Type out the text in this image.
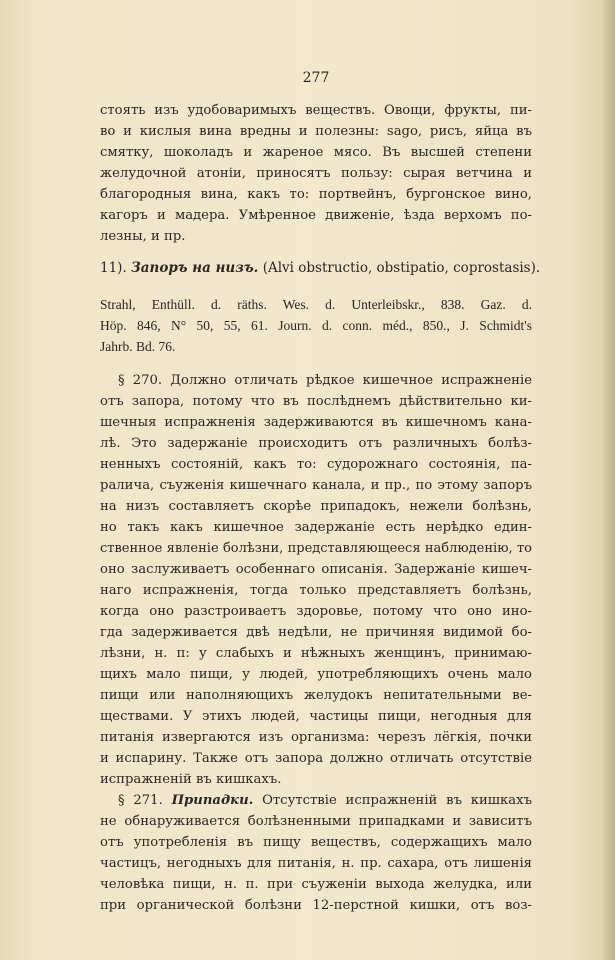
277
стоять изъ удобоваримыхъ веществъ. Овощи, фрукты, пи-
во и кислыя вина вредны и полезны: sago, рисъ, яйца въ
смятку, шоколадъ и жареное мясо. Въ высшей степени
желудочной атоніи, приносятъ пользу: сырая ветчина и
благородныя вина, какъ то: портвейнъ, бургонское вино,
кагоръ и мадера. Умѣренное движеніе, ѣзда верхомъ по-
лезны, и пр.
11). Запоръ на низъ. (Alvi obstructio, obstipatio, coprostasis).
Strahl, Enthüll. d. räths. Wes. d. Unterleibskr., 838. Gaz. d.
Höp. 846, N° 50, 55, 61. Journ. d. conn. méd., 850., J. Schmidt's
Jahrb. Bd. 76.
§ 270. Должно отличать рѣдкое кишечное испражненіе
отъ запора, потому что въ послѣднемъ дѣйствительно ки-
шечныя испражненія задерживаются въ кишечномъ кана-
лѣ. Это задержаніе происходитъ отъ различныхъ болѣз-
ненныхъ состояній, какъ то: судорожнаго состоянія, па-
ралича, съуженія кишечнаго канала, и пр., по этому запоръ
на низъ составляетъ скорѣе припадокъ, нежели болѣзнь,
но такъ какъ кишечное задержаніе есть нерѣдко един-
ственное явленіе болѣзни, представляющееся наблюденію, то
оно заслуживаетъ особеннаго описанія. Задержаніе кишеч-
наго испражненія, тогда только представляетъ болѣзнь,
когда оно разстроиваетъ здоровье, потому что оно ино-
гда задерживается двѣ недѣли, не причиняя видимой бо-
лѣзни, н. п: у слабыхъ и нѣжныхъ женщинъ, принимаю-
щихъ мало пищи, у людей, употребляющихъ очень мало
пищи или наполняющихъ желудокъ непитательными ве-
ществами. У этихъ людей, частицы пищи, негодныя для
питанія извергаются изъ организма: черезъ лёгкія, почки
и испарину. Также отъ запора должно отличать отсутствіе
испражненій въ кишкахъ.
§ 271. Припадки. Отсутствіе испражненій въ кишкахъ
не обнаруживается болѣзненными припадками и зависитъ
отъ употребленія въ пищу веществъ, содержащихъ мало
частицъ, негодныхъ для питанія, н. пр. сахара, отъ лишенія
человѣка пищи, н. п. при съуженіи выхода желудка, или
при органической болѣзни 12-перстной кишки, отъ воз-
